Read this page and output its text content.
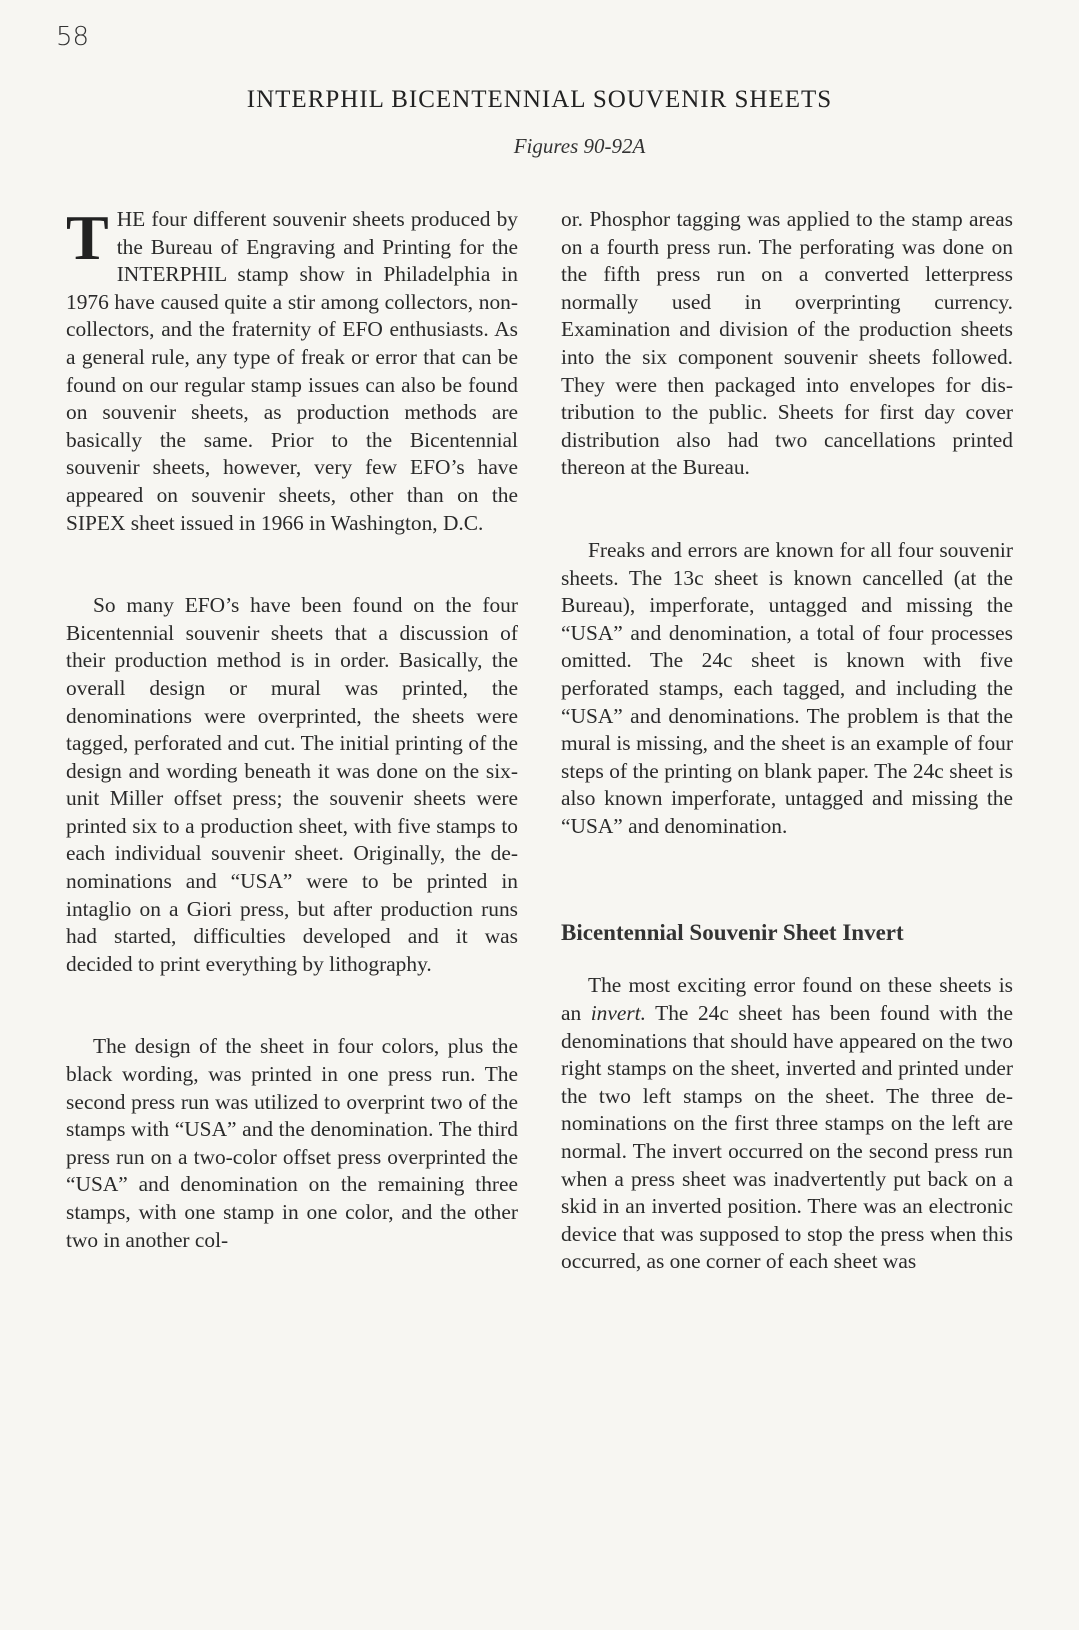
58
INTERPHIL BICENTENNIAL SOUVENIR SHEETS
Figures 90-92A

THE four different souvenir sheets produced by the Bureau of Engraving and Printing for the INTERPHIL stamp show in Philadelphia in 1976 have caused quite a stir among collectors, non-collectors, and the fraternity of EFO enthusiasts. As a general rule, any type of freak or error that can be found on our regular stamp issues can also be found on souvenir sheets, as production methods are basically the same. Prior to the Bicentennial souvenir sheets, however, very few EFO’s have appeared on souvenir sheets, other than on the SIPEX sheet issued in 1966 in Washington, D.C.

So many EFO’s have been found on the four Bicentennial souvenir sheets that a discussion of their production method is in order. Basically, the overall design or mural was printed, the denominations were overprinted, the sheets were tagged, perforated and cut. The initial printing of the design and wording beneath it was done on the six-unit Miller offset press; the souvenir sheets were printed six to a production sheet, with five stamps to each individual souvenir sheet. Originally, the denominations and “USA” were to be printed in intaglio on a Giori press, but after production runs had started, difficulties developed and it was decided to print everything by lithography.

The design of the sheet in four colors, plus the black wording, was printed in one press run. The second press run was utilized to overprint two of the stamps with “USA” and the denomination. The third press run on a two-color offset press overprinted the “USA” and denomination on the remaining three stamps, with one stamp in one color, and the other two in another col-

or. Phosphor tagging was applied to the stamp areas on a fourth press run. The perforating was done on the fifth press run on a converted letterpress normally used in overprinting currency. Examination and division of the production sheets into the six component souvenir sheets followed. They were then packaged into envelopes for distribution to the public. Sheets for first day cover distribution also had two cancellations printed thereon at the Bureau.

Freaks and errors are known for all four souvenir sheets. The 13c sheet is known cancelled (at the Bureau), imperforate, untagged and missing the “USA” and denomination, a total of four processes omitted. The 24c sheet is known with five perforated stamps, each tagged, and including the “USA” and denominations. The problem is that the mural is missing, and the sheet is an example of four steps of the printing on blank paper. The 24c sheet is also known imperforate, untagged and missing the “USA” and denomination.

Bicentennial Souvenir Sheet Invert

The most exciting error found on these sheets is an invert. The 24c sheet has been found with the denominations that should have appeared on the two right stamps on the sheet, inverted and printed under the two left stamps on the sheet. The three denominations on the first three stamps on the left are normal. The invert occurred on the second press run when a press sheet was inadvertently put back on a skid in an inverted position. There was an electronic device that was supposed to stop the press when this occurred, as one corner of each sheet was
